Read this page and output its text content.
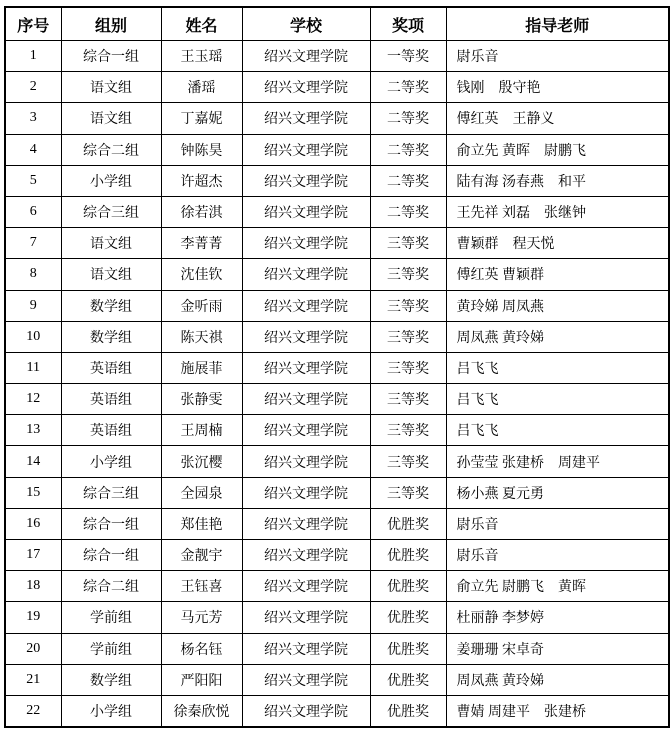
序号	组别	姓名	学校	奖项	指导老师
1	综合一组	王玉瑶	绍兴文理学院	一等奖	尉乐音
2	语文组	潘瑶	绍兴文理学院	二等奖	钱刚　殷守艳
3	语文组	丁嘉妮	绍兴文理学院	二等奖	傅红英　王静义
4	综合二组	钟陈昊	绍兴文理学院	二等奖	俞立先 黄晖　尉鹏飞
5	小学组	许超杰	绍兴文理学院	二等奖	陆有海 汤春燕　和平
6	综合三组	徐若淇	绍兴文理学院	二等奖	王先祥 刘磊　张继钟
7	语文组	李菁菁	绍兴文理学院	三等奖	曹颖群　程天悦
8	语文组	沈佳钦	绍兴文理学院	三等奖	傅红英 曹颖群
9	数学组	金听雨	绍兴文理学院	三等奖	黄玲娣 周凤燕
10	数学组	陈天祺	绍兴文理学院	三等奖	周凤燕 黄玲娣
11	英语组	施展菲	绍兴文理学院	三等奖	吕飞飞
12	英语组	张静雯	绍兴文理学院	三等奖	吕飞飞
13	英语组	王周楠	绍兴文理学院	三等奖	吕飞飞
14	小学组	张沉樱	绍兴文理学院	三等奖	孙莹莹 张建桥　周建平
15	综合三组	全园泉	绍兴文理学院	三等奖	杨小燕 夏元勇
16	综合一组	郑佳艳	绍兴文理学院	优胜奖	尉乐音
17	综合一组	金靓宇	绍兴文理学院	优胜奖	尉乐音
18	综合二组	王钰喜	绍兴文理学院	优胜奖	俞立先 尉鹏飞　黄晖
19	学前组	马元芳	绍兴文理学院	优胜奖	杜丽静 李梦婷
20	学前组	杨名钰	绍兴文理学院	优胜奖	姜珊珊 宋卓奇
21	数学组	严阳阳	绍兴文理学院	优胜奖	周凤燕 黄玲娣
22	小学组	徐秦欣悦	绍兴文理学院	优胜奖	曹婧 周建平　张建桥
